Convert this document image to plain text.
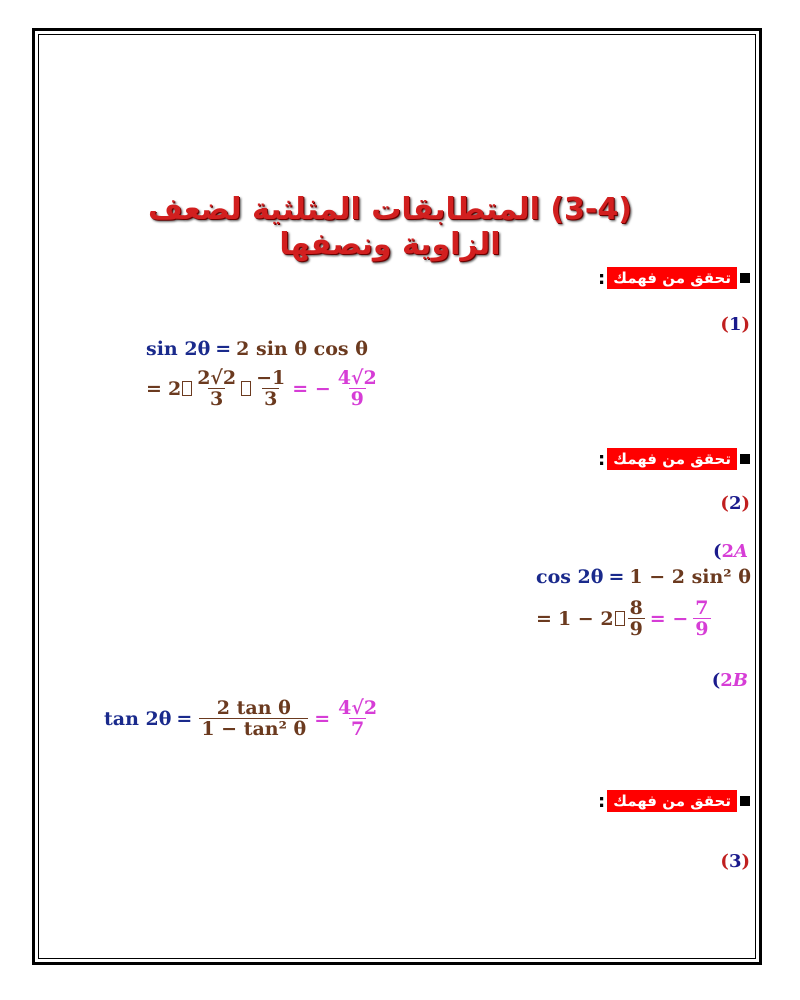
(3-4) المتطابقات المثلثية لضعف الزاوية ونصفها
تحقق من فهمك
:
(1)
sin 2θ = 2 sin θ cos θ
=
$2 \frac{2√2}{3} \frac{-1}{3}$ = − $\frac{4√2}{9}$
تحقق من فهمك
:
(2)
(2A
cos 2θ = 1 − 2 sin² θ
=
$1 - 2 \frac{8}{9}$ = − $\frac{7}{9}$
(2B
$\tan 2\theta = \frac{\text{2 tan θ}}{\text{1 − tan² θ}} = \frac{4√2}{7}$
تحقق من فهمك
:
(3)
